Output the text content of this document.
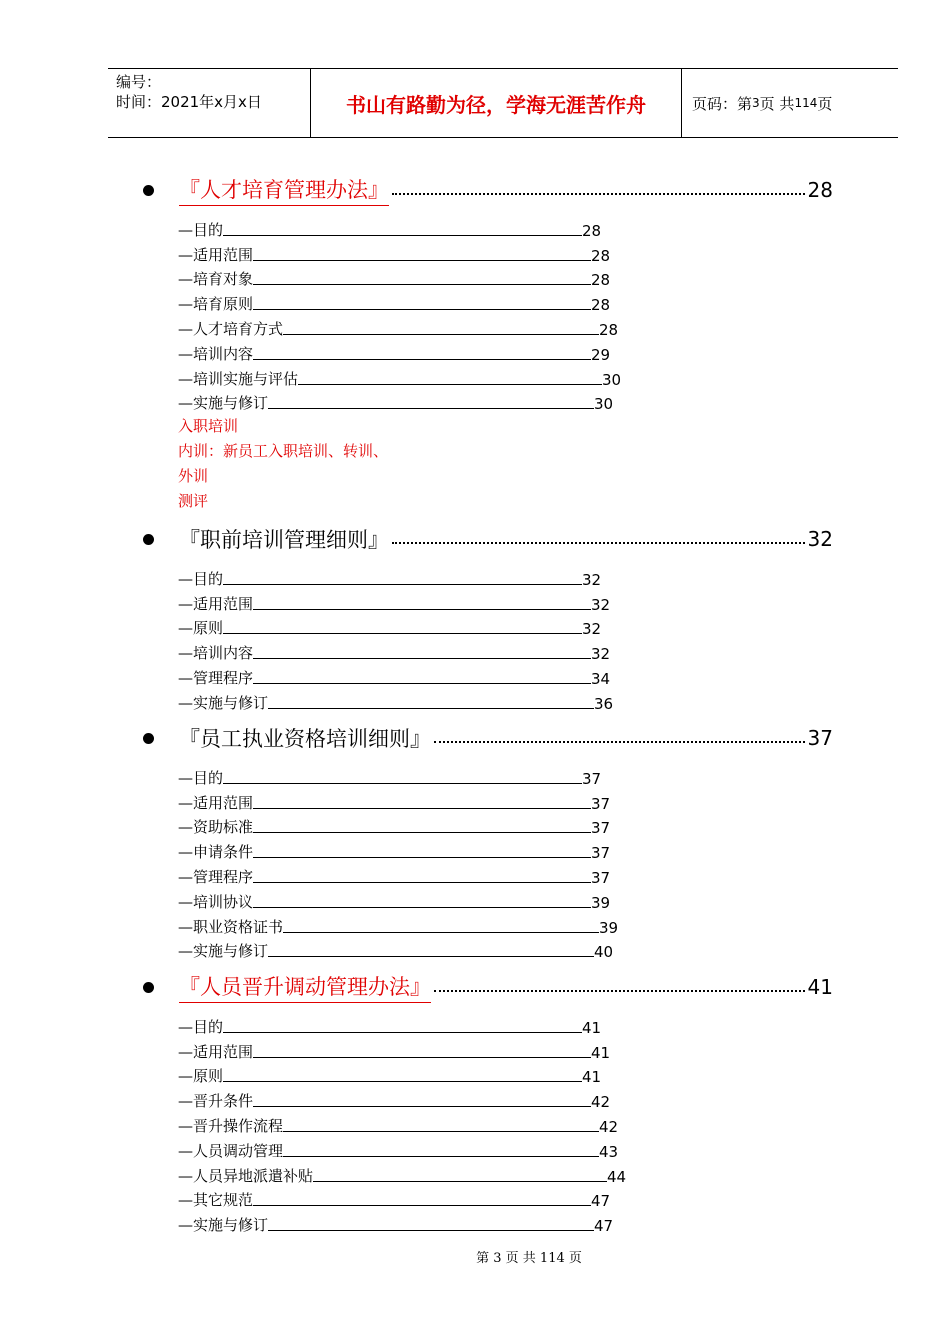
编号：
时间：2021年x月x日	书山有路勤为径，学海无涯苦作舟	页码：第 3 页 共 114 页
『人才培育管理办法』	28
—目的	28
—适用范围	28
—培育对象	28
—培育原则	28
—人才培育方式	28
—培训内容	29
—培训实施与评估	30
—实施与修订	30
入职培训
内训：新员工入职培训、转训、
外训
测评
『职前培训管理细则』	32
—目的	32
—适用范围	32
—原则	32
—培训内容	32
—管理程序	34
—实施与修订	36
『员工执业资格培训细则』	37
—目的	37
—适用范围	37
—资助标准	37
—申请条件	37
—管理程序	37
—培训协议	39
—职业资格证书	39
—实施与修订	40
『人员晋升调动管理办法』	41
—目的	41
—适用范围	41
—原则	41
—晋升条件	42
—晋升操作流程	42
—人员调动管理	43
—人员异地派遣补贴	44
—其它规范	47
—实施与修订	47
第 3 页 共 114 页
